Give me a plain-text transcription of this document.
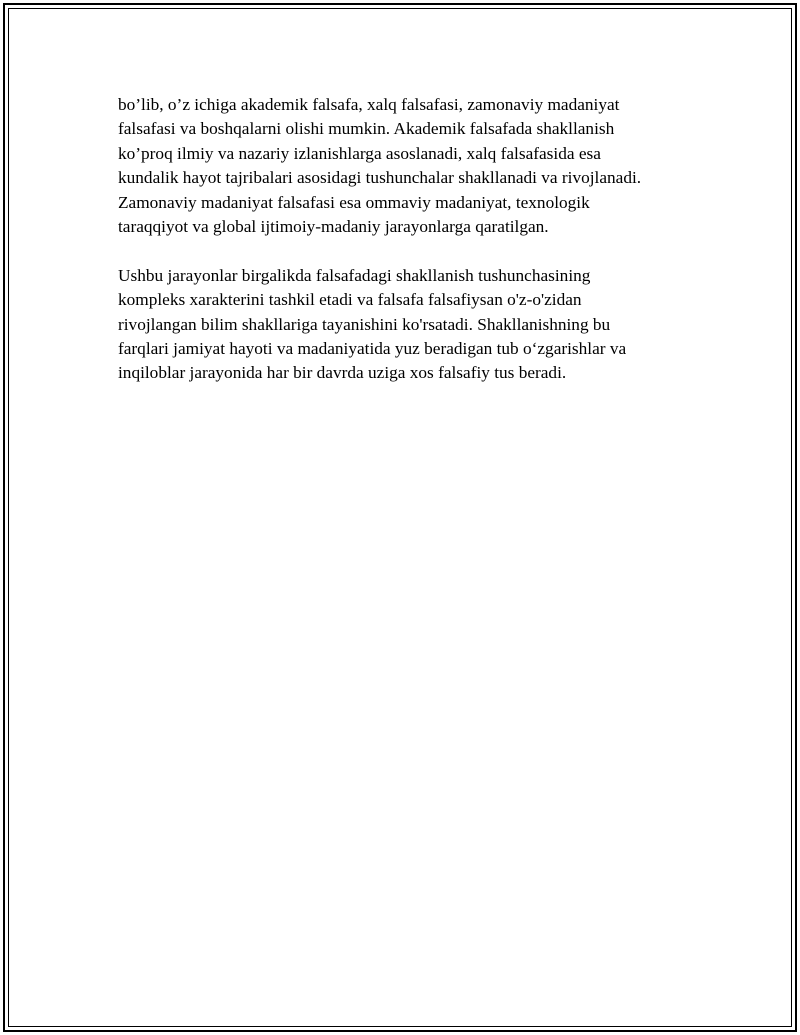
bo’lib, o’z ichiga akademik falsafa, xalq falsafasi, zamonaviy madaniyat
falsafasi va boshqalarni olishi mumkin. Akademik falsafada shakllanish
ko’proq ilmiy va nazariy izlanishlarga asoslanadi, xalq falsafasida esa
kundalik hayot tajribalari asosidagi tushunchalar shakllanadi va rivojlanadi.
Zamonaviy madaniyat falsafasi esa ommaviy madaniyat, texnologik
taraqqiyot va global ijtimoiy-madaniy jarayonlarga qaratilgan.

Ushbu jarayonlar birgalikda falsafadagi shakllanish tushunchasining
kompleks xarakterini tashkil etadi va falsafa falsafiysan o'z-o'zidan
rivojlangan bilim shakllariga tayanishini ko'rsatadi. Shakllanishning bu
farqlari jamiyat hayoti va madaniyatida yuz beradigan tub o‘zgarishlar va
inqiloblar jarayonida har bir davrda uziga xos falsafiy tus beradi.
